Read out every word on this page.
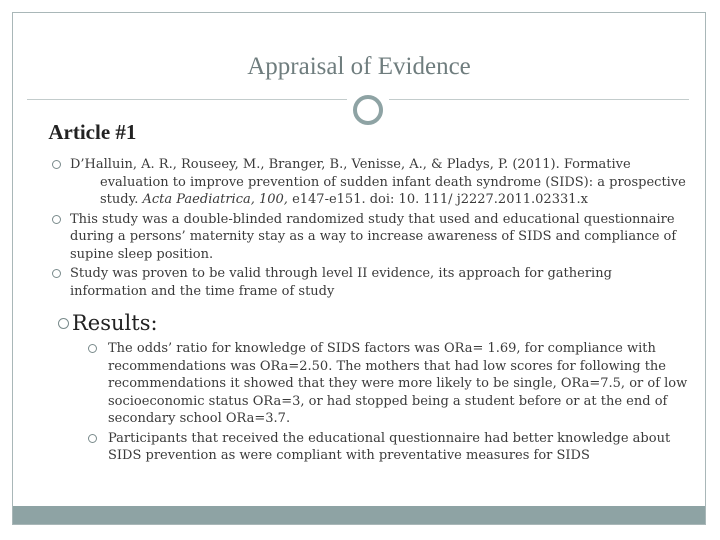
Appraisal of Evidence
Article #1
D’Halluin, A. R., Rouseey, M., Branger, B., Venisse, A., & Pladys, P. (2011). Formative evaluation to improve prevention of sudden infant death syndrome (SIDS): a prospective study. Acta Paediatrica, 100, e147-e151. doi: 10. 111/ j2227.2011.02331.x
This study was a double-blinded randomized study that used and educational questionnaire during a persons’ maternity stay as a way to increase awareness of SIDS and compliance of supine sleep position.
Study was proven to be valid through level II evidence, its approach for gathering information and the time frame of study
Results:
The odds’ ratio for knowledge of SIDS factors was ORa= 1.69, for compliance with recommendations was ORa=2.50. The mothers that had low scores for following the recommendations it showed that they were more likely to be single, ORa=7.5, or of low socioeconomic status ORa=3, or had stopped being a student before or at the end of secondary school ORa=3.7.
Participants that received the educational questionnaire had better knowledge about SIDS prevention as were compliant with preventative measures for SIDS
